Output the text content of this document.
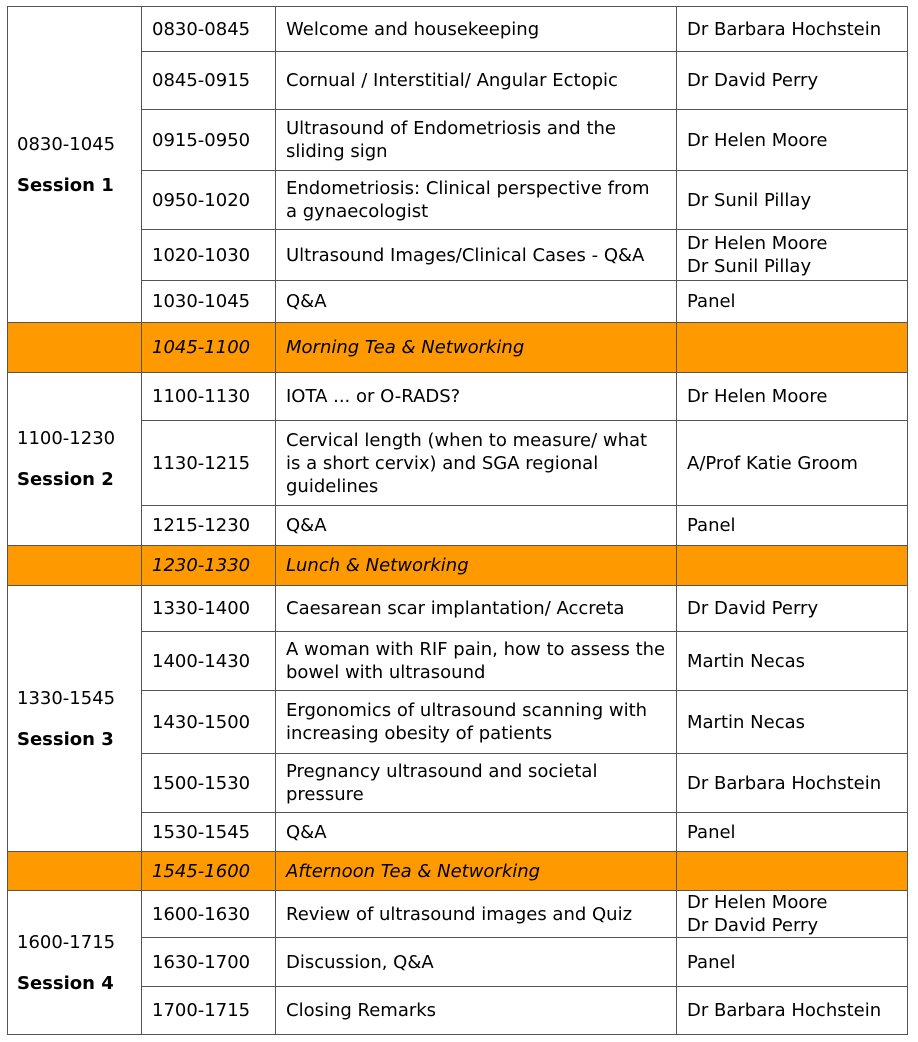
0830-1045
Session 1	0830-0845	Welcome and housekeeping	Dr Barbara Hochstein

	0845-0915	Cornual / Interstitial/ Angular Ectopic	Dr David Perry

	0915-0950	Ultrasound of Endometriosis and the sliding sign	Dr Helen Moore

	0950-1020	Endometriosis: Clinical perspective from a gynaecologist	Dr Sunil Pillay

	1020-1030	Ultrasound Images/Clinical Cases - Q&A	Dr Helen Moore
Dr Sunil Pillay

	1030-1045	Q&A	Panel

	1045-1100	Morning Tea & Networking	

1100-1230
Session 2	1100-1130	IOTA ... or O-RADS?	Dr Helen Moore

	1130-1215	Cervical length (when to measure/ what is a short cervix) and SGA regional guidelines	A/Prof Katie Groom

	1215-1230	Q&A	Panel

	1230-1330	Lunch & Networking	

1330-1545
Session 3	1330-1400	Caesarean scar implantation/ Accreta	Dr David Perry

	1400-1430	A woman with RIF pain, how to assess the bowel with ultrasound	Martin Necas

	1430-1500	Ergonomics of ultrasound scanning with increasing obesity of patients	Martin Necas

	1500-1530	Pregnancy ultrasound and societal pressure	Dr Barbara Hochstein

	1530-1545	Q&A	Panel

	1545-1600	Afternoon Tea & Networking	

1600-1715
Session 4	1600-1630	Review of ultrasound images and Quiz	Dr Helen Moore
Dr David Perry

	1630-1700	Discussion, Q&A	Panel

	1700-1715	Closing Remarks	Dr Barbara Hochstein
